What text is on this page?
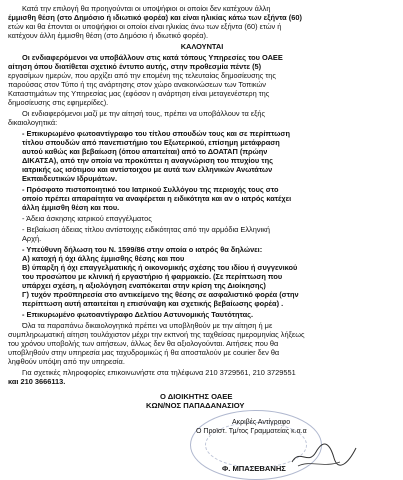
Κατά την επιλογή θα προηγούνται οι υποψήφιοι οι οποίοι δεν κατέχουν άλλη
έμμισθη θέση (στο Δημόσιο ή ιδιωτικό φορέα) και είναι ηλικίας κάτω των εξήντα (60)
ετών και θα έπονται οι υποψήφιοι οι οποίοι είναι ηλικίας άνω των εξήντα (60) ετών ή
κατέχουν άλλη έμμισθη θέση (στο Δημόσιο ή ιδιωτικό φορέα).
ΚΑΛΟΥΝΤΑΙ
Οι ενδιαφερόμενοι να υποβάλλουν στις κατά τόπους Υπηρεσίες του ΟΑΕΕ
αίτηση όπου διατίθεται σχετικό έντυπο αυτής, στην προθεσμία πέντε (5)
εργασίμων ημερών, που αρχίζει από την επομένη της τελευταίας δημοσίευσης της
παρούσας στον Τύπο ή της ανάρτησης στον χώρο ανακοινώσεων των Τοπικών
Καταστημάτων της Υπηρεσίας μας (εφόσον η ανάρτηση είναι μεταγενέστερη της
δημοσίευσης στις εφημερίδες).
Οι ενδιαφερόμενοι μαζί με την αίτησή τους, πρέπει να υποβάλλουν τα εξής
δικαιολογητικά:
- Επικυρωμένο φωτοαντίγραφο του τίτλου σπουδών τους και σε περίπτωση
τίτλου σπουδών από πανεπιστήμιο του Εξωτερικού, επίσημη μετάφραση
αυτού καθώς και βεβαίωση (όπου απαιτείται) από το ΔΟΑΤΑΠ (πρώην
ΔΙΚΑΤΣΑ), από την οποία να προκύπτει η αναγνώριση του πτυχίου της
ιατρικής ως ισότιμου και αντίστοιχου με αυτά των ελληνικών Ανωτάτων
Εκπαιδευτικών Ιδρυμάτων.
- Πρόσφατο πιστοποιητικό του Ιατρικού Συλλόγου της περιοχής τους στο
οποίο πρέπει απαραίτητα να αναφέρεται η ειδικότητα και αν ο ιατρός κατέχει
άλλη έμμισθη θέση και που.
- Άδεια άσκησης ιατρικού επαγγέλματος
- Βεβαίωση άδειας τίτλου αντίστοιχης ειδικότητας από την αρμόδια Ελληνική
Αρχή.
- Υπεύθυνη δήλωση του Ν. 1599/86 στην οποία ο ιατρός θα δηλώνει:
Α) κατοχή ή όχι άλλης έμμισθης θέσης και που
Β) ύπαρξη ή όχι επαγγελματικής ή οικονομικής σχέσης του ιδίου ή συγγενικού
του προσώπου με κλινική ή εργαστήριο ή φαρμακείο. (Σε περίπτωση που
υπάρχει σχέση, η αξιολόγηση εναπόκειται στην κρίση της Διοίκησης)
Γ) τυχόν προϋπηρεσία στο αντικείμενο της θέσης σε ασφαλιστικό φορέα (στην
περίπτωση αυτή απαιτείται η επισύναψη και σχετικής βεβαίωσης φορέα) .
- Επικυρωμένο φωτοαντίγραφο Δελτίου Αστυνομικής Ταυτότητας.
Όλα τα παραπάνω δικαιολογητικά πρέπει να υποβληθούν με την αίτηση ή με
συμπληρωματική αίτηση τουλάχιστον μέχρι την εκπνοή της ταχθείσας ημερομηνίας λήξεως
του χρόνου υποβολής των αιτήσεων, άλλως δεν θα αξιολογούνται. Αιτήσεις που θα
υποβληθούν στην υπηρεσία μας ταχυδρομικώς ή θα αποσταλούν με courier δεν θα
ληφθούν υπόψη από την υπηρεσία.
Για σχετικές πληροφορίες επικοινωνήστε στα τηλέφωνα 210 3729561, 210 3729551
και 210 3666113.
Ο ΔΙΟΙΚΗΤΗΣ ΟΑΕΕ
ΚΩΝ/ΝΟΣ ΠΑΠΑΔΑΝΑΣΙΟΥ
Ακριβές Αντίγραφο
Ο Προϊστ. Τμ/τος Γραμματείας κ.α.α
Φ. ΜΠΑΣΕΒΑΝΗΣ
